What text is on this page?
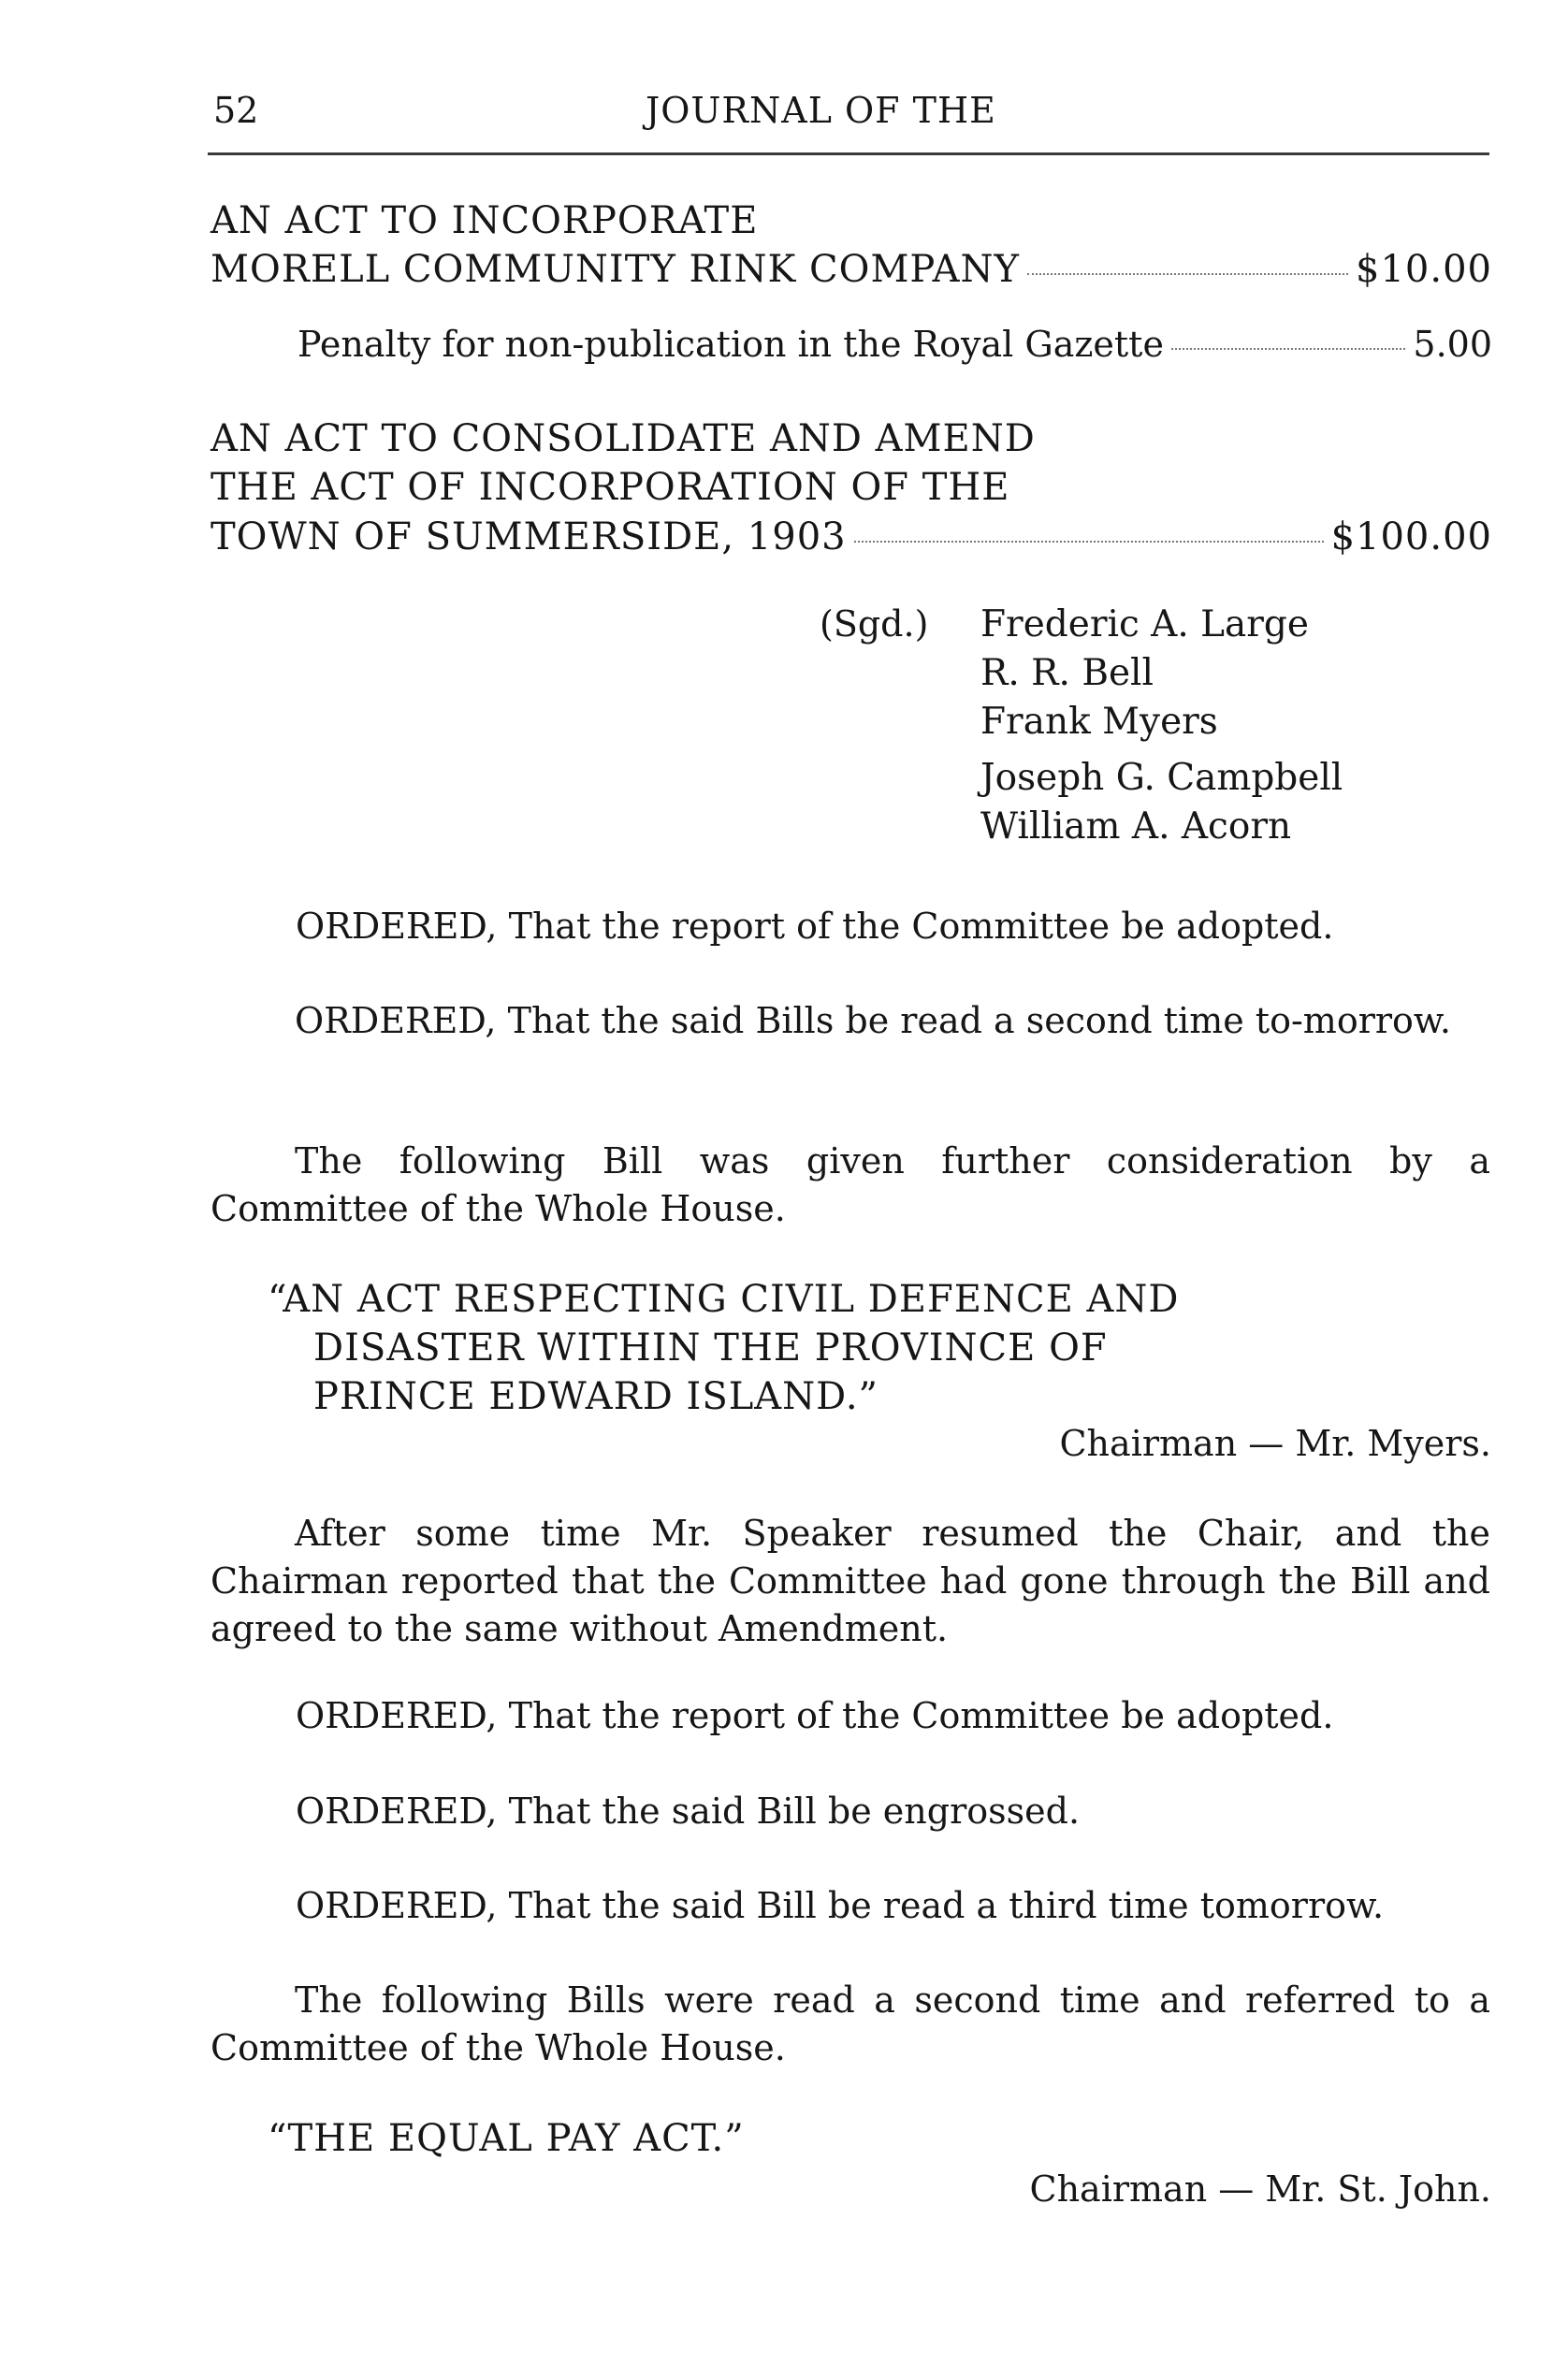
52	JOURNAL OF THE
AN ACT TO INCORPORATE
MORELL COMMUNITY RINK COMPANY	$10.00
Penalty for non-publication in the Royal Gazette	5.00
AN ACT TO CONSOLIDATE AND AMEND
THE ACT OF INCORPORATION OF THE
TOWN OF SUMMERSIDE, 1903	$100.00
(Sgd.) Frederic A. Large
R. R. Bell
Frank Myers
Joseph G. Campbell
William A. Acorn
ORDERED, That the report of the Committee be adopted.
ORDERED, That the said Bills be read a second time to-morrow.
The following Bill was given further consideration by a Committee of the Whole House.
“AN ACT RESPECTING CIVIL DEFENCE AND
DISASTER WITHIN THE PROVINCE OF
PRINCE EDWARD ISLAND.”
Chairman — Mr. Myers.
After some time Mr. Speaker resumed the Chair, and the Chairman reported that the Committee had gone through the Bill and agreed to the same without Amendment.
ORDERED, That the report of the Committee be adopted.
ORDERED, That the said Bill be engrossed.
ORDERED, That the said Bill be read a third time tomorrow.
The following Bills were read a second time and referred to a Committee of the Whole House.
“THE EQUAL PAY ACT.”
Chairman — Mr. St. John.
